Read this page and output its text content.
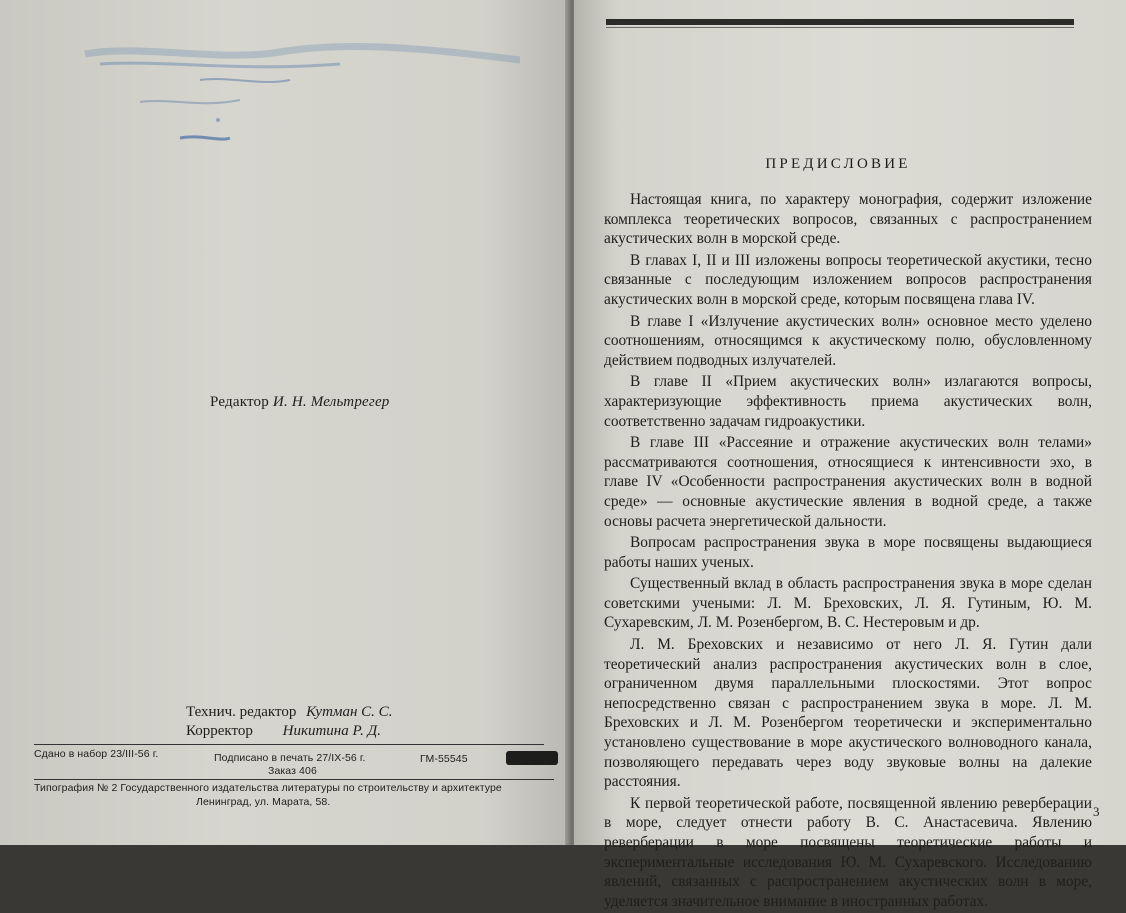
Редактор И. Н. Мельтрегер
Технич. редактор Кутман С. С.
Корректор Никитина Р. Д.
Сдано в набор 23/III-56 г.	Подписано в печать 27/IX-56 г.	ГМ-55545
Заказ 406
Типография № 2 Государственного издательства литературы по строительству и архитектуре
Ленинград, ул. Марата, 58.
ПРЕДИСЛОВИЕ

Настоящая книга, по характеру монография, содержит изложение комплекса теоретических вопросов, связанных с распространением акустических волн в морской среде.

В главах I, II и III изложены вопросы теоретической акустики, тесно связанные с последующим изложением вопросов распространения акустических волн в морской среде, которым посвящена глава IV.

В главе I «Излучение акустических волн» основное место уделено соотношениям, относящимся к акустическому полю, обусловленному действием подводных излучателей.

В главе II «Прием акустических волн» излагаются вопросы, характеризующие эффективность приема акустических волн, соответственно задачам гидроакустики.

В главе III «Рассеяние и отражение акустических волн телами» рассматриваются соотношения, относящиеся к интенсивности эхо, в главе IV «Особенности распространения акустических волн в водной среде» — основные акустические явления в водной среде, а также основы расчета энергетической дальности.

Вопросам распространения звука в море посвящены выдающиеся работы наших ученых.

Существенный вклад в область распространения звука в море сделан советскими учеными: Л. М. Бреховских, Л. Я. Гутиным, Ю. М. Сухаревским, Л. М. Розенбергом, В. С. Нестеровым и др.

Л. М. Бреховских и независимо от него Л. Я. Гутин дали теоретический анализ распространения акустических волн в слое, ограниченном двумя параллельными плоскостями. Этот вопрос непосредственно связан с распространением звука в море. Л. М. Бреховских и Л. М. Розенбергом теоретически и экспериментально установлено существование в море акустического волноводного канала, позволяющего передавать через воду звуковые волны на далекие расстояния.

К первой теоретической работе, посвященной явлению реверберации в море, следует отнести работу В. С. Анастасевича. Явлению реверберации в море посвящены теоретические работы и экспериментальные исследования Ю. М. Сухаревского. Исследованию явлений, связанных с распространением акустических волн в море, уделяется значительное внимание в иностранных работах.

3
